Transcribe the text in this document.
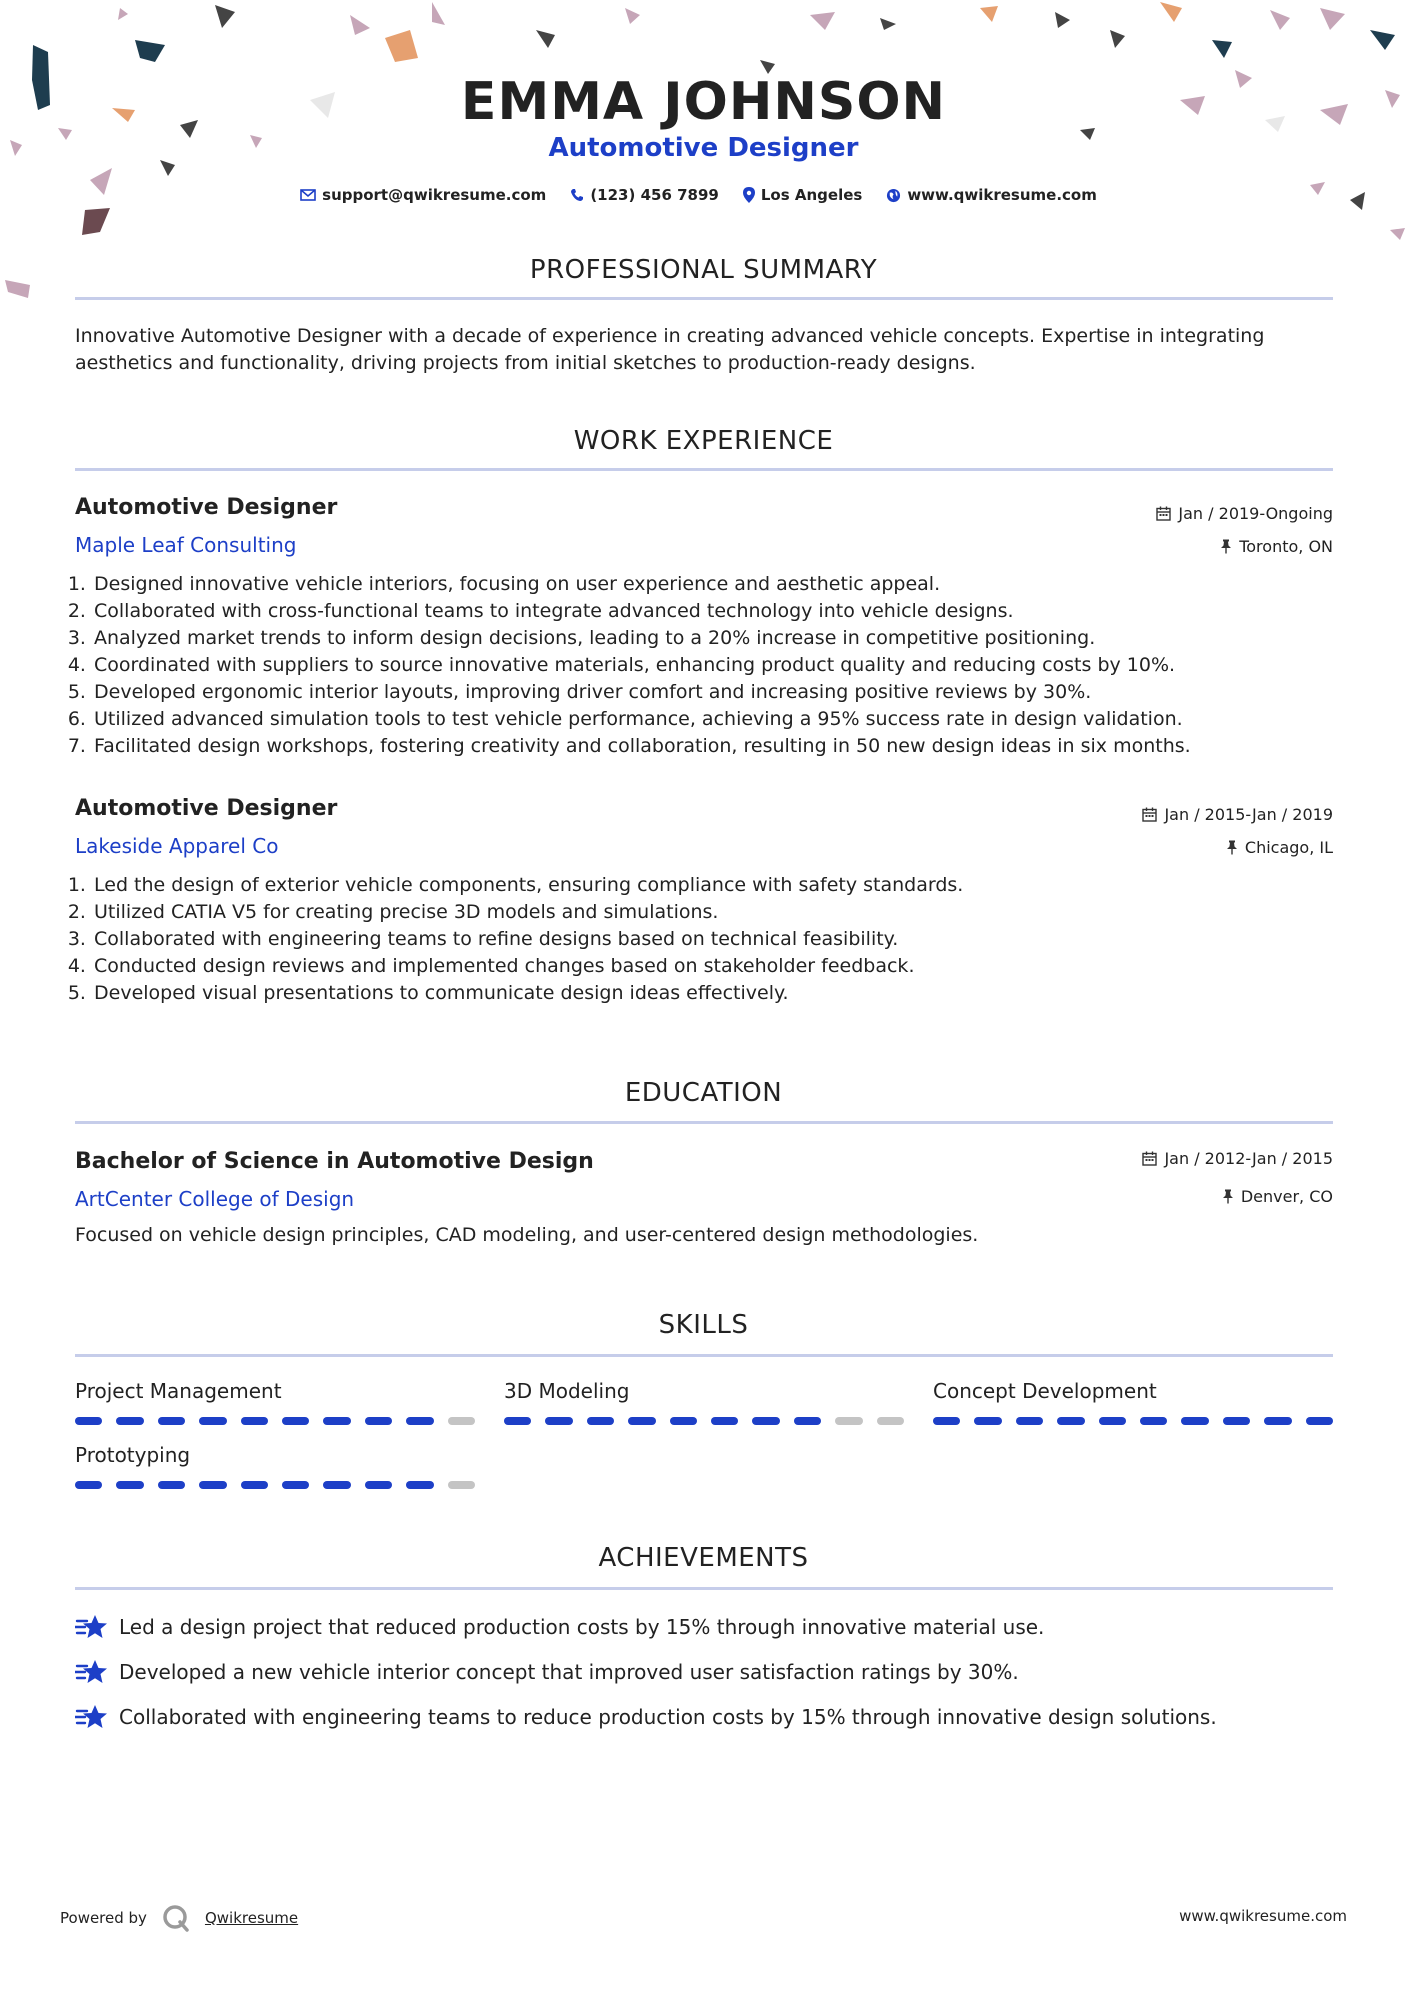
EMMA JOHNSON
Automotive Designer
support@qwikresume.com	(123) 456 7899	Los Angeles	www.qwikresume.com
PROFESSIONAL SUMMARY
Innovative Automotive Designer with a decade of experience in creating advanced vehicle concepts. Expertise in integrating aesthetics and functionality, driving projects from initial sketches to production-ready designs.
WORK EXPERIENCE
Automotive Designer
Maple Leaf Consulting
Jan / 2019-Ongoing
Toronto, ON
1. Designed innovative vehicle interiors, focusing on user experience and aesthetic appeal.
2. Collaborated with cross-functional teams to integrate advanced technology into vehicle designs.
3. Analyzed market trends to inform design decisions, leading to a 20% increase in competitive positioning.
4. Coordinated with suppliers to source innovative materials, enhancing product quality and reducing costs by 10%.
5. Developed ergonomic interior layouts, improving driver comfort and increasing positive reviews by 30%.
6. Utilized advanced simulation tools to test vehicle performance, achieving a 95% success rate in design validation.
7. Facilitated design workshops, fostering creativity and collaboration, resulting in 50 new design ideas in six months.
Automotive Designer
Lakeside Apparel Co
Jan / 2015-Jan / 2019
Chicago, IL
1. Led the design of exterior vehicle components, ensuring compliance with safety standards.
2. Utilized CATIA V5 for creating precise 3D models and simulations.
3. Collaborated with engineering teams to refine designs based on technical feasibility.
4. Conducted design reviews and implemented changes based on stakeholder feedback.
5. Developed visual presentations to communicate design ideas effectively.
EDUCATION
Bachelor of Science in Automotive Design
ArtCenter College of Design
Jan / 2012-Jan / 2015
Denver, CO
Focused on vehicle design principles, CAD modeling, and user-centered design methodologies.
SKILLS
Project Management	3D Modeling	Concept Development
Prototyping
ACHIEVEMENTS
Led a design project that reduced production costs by 15% through innovative material use.
Developed a new vehicle interior concept that improved user satisfaction ratings by 30%.
Collaborated with engineering teams to reduce production costs by 15% through innovative design solutions.
Powered by	Qwikresume	www.qwikresume.com
